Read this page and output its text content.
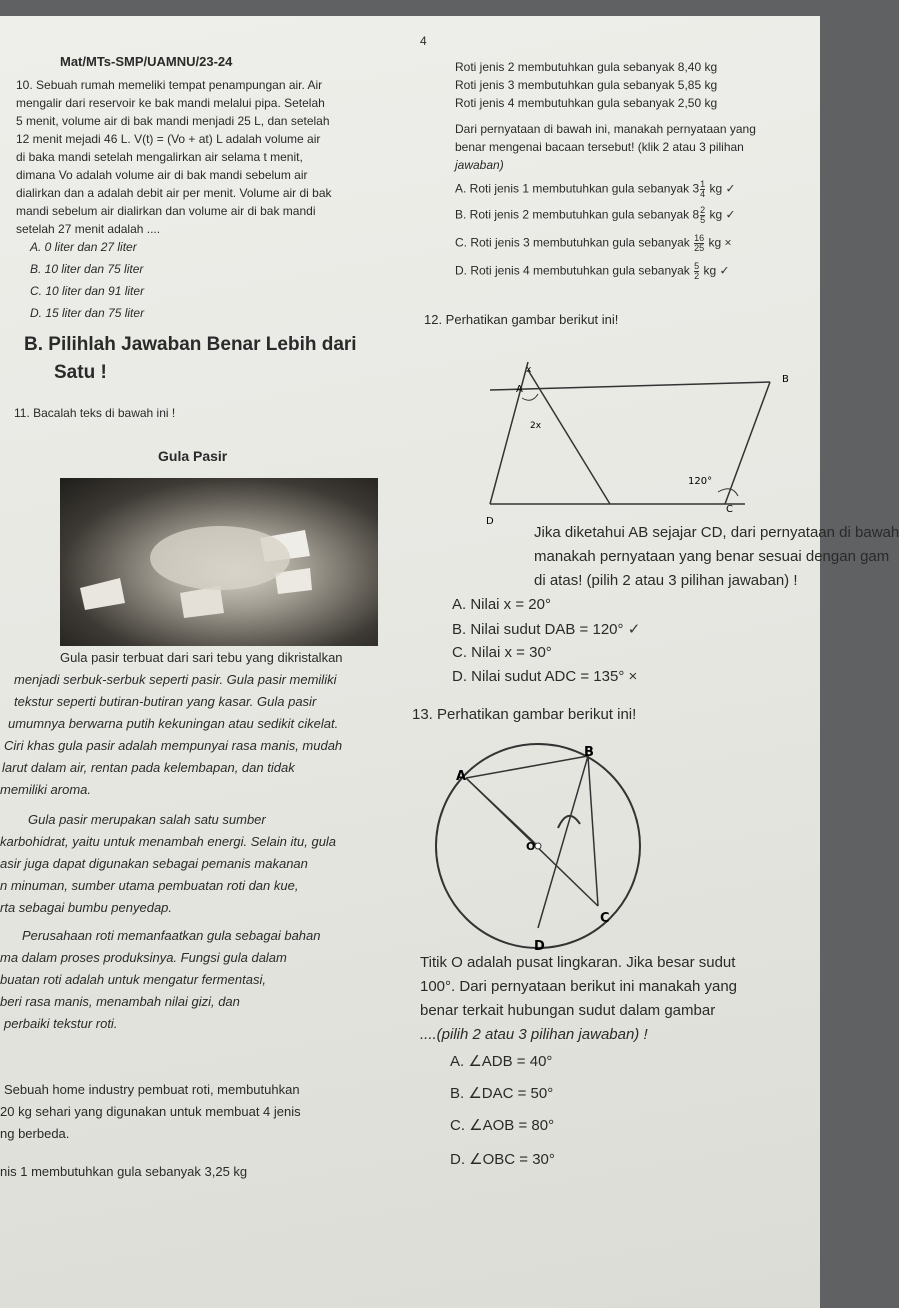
4
Mat/MTs-SMP/UAMNU/23-24
10. Sebuah rumah memeliki tempat penampungan air. Air
mengalir dari reservoir ke bak mandi melalui pipa. Setelah
5 menit, volume air di bak mandi menjadi 25 L, dan setelah
12 menit mejadi 46 L. V(t) = (Vo + at) L adalah volume air
di baka mandi setelah mengalirkan air selama t menit,
dimana Vo adalah volume air di bak mandi sebelum air
dialirkan dan a adalah debit air per menit. Volume air di bak
mandi sebelum air dialirkan dan volume air di bak mandi
setelah 27 menit adalah ....
A. 0 liter dan 27 liter
B. 10 liter dan 75 liter
C. 10 liter dan 91 liter
D. 15 liter dan 75 liter
B. Pilihlah Jawaban Benar Lebih dari
Satu !
11. Bacalah teks di bawah ini !
Gula Pasir
Gula pasir terbuat dari sari tebu yang dikristalkan
menjadi serbuk-serbuk seperti pasir. Gula pasir memiliki
tekstur seperti butiran-butiran yang kasar. Gula pasir
umumnya berwarna putih kekuningan atau sedikit cikelat.
Ciri khas gula pasir adalah mempunyai rasa manis, mudah
larut dalam air, rentan pada kelembapan, dan tidak
memiliki aroma.
Gula pasir merupakan salah satu sumber
karbohidrat, yaitu untuk menambah energi. Selain itu, gula
asir juga dapat digunakan sebagai pemanis makanan
n minuman, sumber utama pembuatan roti dan kue,
rta sebagai bumbu penyedap.
Perusahaan roti memanfaatkan gula sebagai bahan
ma dalam proses produksinya. Fungsi gula dalam
buatan roti adalah untuk mengatur fermentasi,
beri rasa manis, menambah nilai gizi, dan
perbaiki tekstur roti.
Sebuah home industry pembuat roti, membutuhkan
20 kg sehari yang digunakan untuk membuat 4 jenis
ng berbeda.
nis 1 membutuhkan gula sebanyak 3,25 kg
Roti jenis 2 membutuhkan gula sebanyak 8,40 kg
Roti jenis 3 membutuhkan gula sebanyak 5,85 kg
Roti jenis 4 membutuhkan gula sebanyak 2,50 kg
Dari pernyataan di bawah ini, manakah pernyataan yang
benar mengenai bacaan tersebut! (klik 2 atau 3 pilihan
jawaban)
A. Roti jenis 1 membutuhkan gula sebanyak $3 \frac{1}{4}$ kg ✓
B. Roti jenis 2 membutuhkan gula sebanyak $8 \frac{2}{5}$ kg ✓
C. Roti jenis 3 membutuhkan gula sebanyak $\frac{16}{25}$ kg ×
D. Roti jenis 4 membutuhkan gula sebanyak $\frac{5}{2}$ kg ✓
12. Perhatikan gambar berikut ini!
x
A
B
2x
120°
C
D
Jika diketahui AB sejajar CD, dari pernyataan di bawah
manakah pernyataan yang benar sesuai dengan gam
di atas! (pilih 2 atau 3 pilihan jawaban) !
A. Nilai x = 20°
B. Nilai sudut DAB = 120° ✓
C. Nilai x = 30°
D. Nilai sudut ADC = 135° ×
13. Perhatikan gambar berikut ini!
A
B
O
C
D
Titik O adalah pusat lingkaran. Jika besar sudut
100°. Dari pernyataan berikut ini manakah yang
benar terkait hubungan sudut dalam gambar
....(pilih 2 atau 3 pilihan jawaban) !
A. ∠ADB = 40°
B. ∠DAC = 50°
C. ∠AOB = 80°
D. ∠OBC = 30°
